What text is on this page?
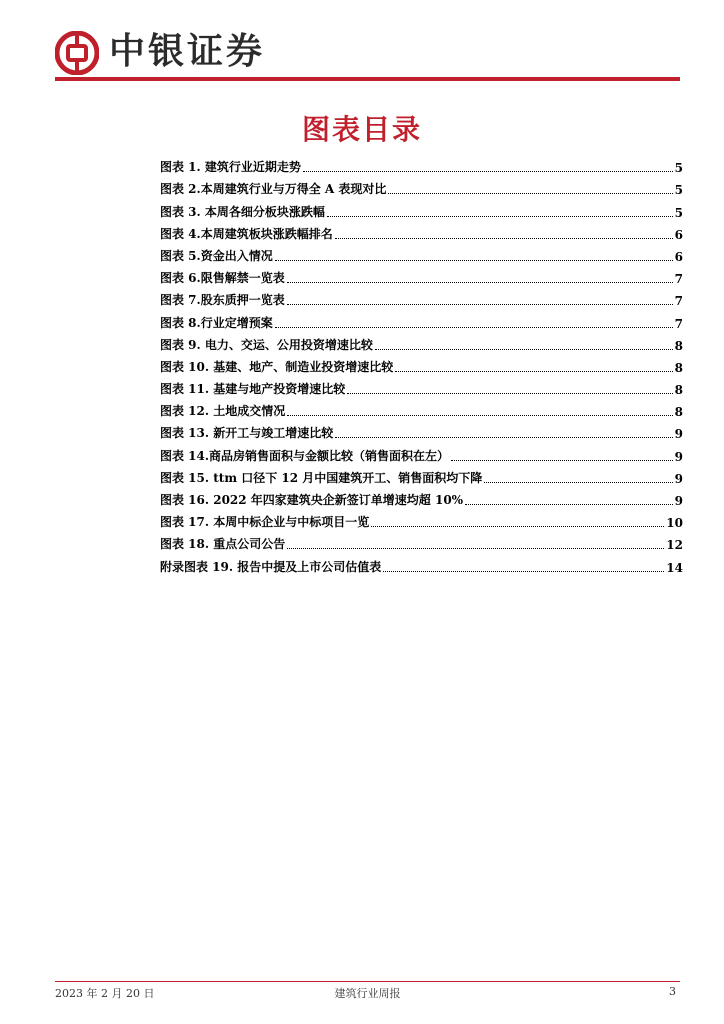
中银证券
图表目录
图表 1. 建筑行业近期走势	5
图表 2.本周建筑行业与万得全 A 表现对比	5
图表 3. 本周各细分板块涨跌幅	5
图表 4.本周建筑板块涨跌幅排名	6
图表 5.资金出入情况	6
图表 6.限售解禁一览表	7
图表 7.股东质押一览表	7
图表 8.行业定增预案	7
图表 9. 电力、交运、公用投资增速比较	8
图表 10. 基建、地产、制造业投资增速比较	8
图表 11. 基建与地产投资增速比较	8
图表 12. 土地成交情况	8
图表 13. 新开工与竣工增速比较	9
图表 14.商品房销售面积与金额比较（销售面积在左）	9
图表 15. ttm 口径下 12 月中国建筑开工、销售面积均下降	9
图表 16. 2022 年四家建筑央企新签订单增速均超 10%	9
图表 17. 本周中标企业与中标项目一览	10
图表 18. 重点公司公告	12
附录图表 19. 报告中提及上市公司估值表	14
2023 年 2 月 20 日	建筑行业周报	3
